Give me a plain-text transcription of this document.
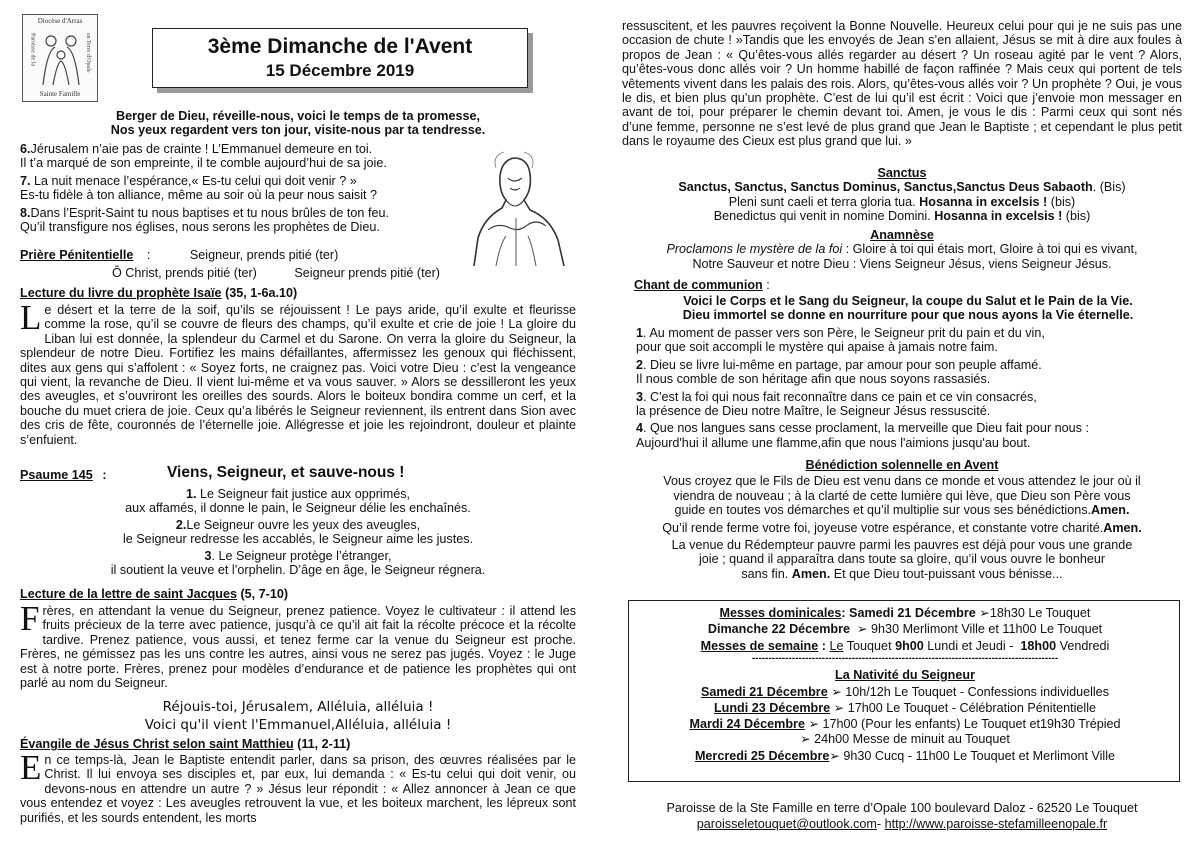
Diocèse d'Arras
Paroisse de la	en Terre d'Opale
Sainte Famille
3ème Dimanche de l'Avent
15 Décembre 2019
Berger de Dieu, réveille-nous, voici le temps de ta promesse,
Nos yeux regardent vers ton jour, visite-nous par ta tendresse.
6.Jérusalem n’aie pas de crainte ! L’Emmanuel demeure en toi.
Il t’a marqué de son empreinte, il te comble aujourd’hui de sa joie.
7. La nuit menace l’espérance,« Es-tu celui qui doit venir ? »
Es-tu fidèle à ton alliance, même au soir où la peur nous saisit ?
8.Dans l’Esprit-Saint tu nous baptises et tu nous brûles de ton feu.
Qu’il transfigure nos églises, nous serons les prophètes de Dieu.
Prière Pénitentielle :	Seigneur, prends pitié (ter)
Ô Christ, prends pitié (ter)	Seigneur prends pitié (ter)
Lecture du livre du prophète Isaïe (35, 1-6a.10)
Le désert et la terre de la soif, qu’ils se réjouissent ! Le pays aride, qu’il exulte et fleurisse comme la rose, qu’il se couvre de fleurs des champs, qu’il exulte et crie de joie ! La gloire du Liban lui est donnée, la splendeur du Carmel et du Sarone. On verra la gloire du Seigneur, la splendeur de notre Dieu. Fortifiez les mains défaillantes, affermissez les genoux qui fléchissent, dites aux gens qui s’affolent : « Soyez forts, ne craignez pas. Voici votre Dieu : c’est la vengeance qui vient, la revanche de Dieu. Il vient lui-même et va vous sauver. » Alors se dessilleront les yeux des aveugles, et s’ouvriront les oreilles des sourds. Alors le boiteux bondira comme un cerf, et la bouche du muet criera de joie. Ceux qu’a libérés le Seigneur reviennent, ils entrent dans Sion avec des cris de fête, couronnés de l’éternelle joie. Allégresse et joie les rejoindront, douleur et plainte s’enfuient.
Psaume 145 :	Viens, Seigneur, et sauve-nous !
1. Le Seigneur fait justice aux opprimés,
aux affamés, il donne le pain, le Seigneur délie les enchaînés.
2.Le Seigneur ouvre les yeux des aveugles,
le Seigneur redresse les accablés, le Seigneur aime les justes.
3. Le Seigneur protège l’étranger,
il soutient la veuve et l’orphelin. D’âge en âge, le Seigneur régnera.
Lecture de la lettre de saint Jacques (5, 7-10)
Frères, en attendant la venue du Seigneur, prenez patience. Voyez le cultivateur : il attend les fruits précieux de la terre avec patience, jusqu’à ce qu’il ait fait la récolte précoce et la récolte tardive. Prenez patience, vous aussi, et tenez ferme car la venue du Seigneur est proche. Frères, ne gémissez pas les uns contre les autres, ainsi vous ne serez pas jugés. Voyez : le Juge est à notre porte. Frères, prenez pour modèles d’endurance et de patience les prophètes qui ont parlé au nom du Seigneur.
Réjouis-toi, Jérusalem, Alléluia, alléluia !
Voici qu'il vient l'Emmanuel,Alléluia, alléluia !
Évangile de Jésus Christ selon saint Matthieu (11, 2-11)
En ce temps-là, Jean le Baptiste entendit parler, dans sa prison, des œuvres réalisées par le Christ. Il lui envoya ses disciples et, par eux, lui demanda : « Es-tu celui qui doit venir, ou devons-nous en attendre un autre ? » Jésus leur répondit : « Allez annoncer à Jean ce que vous entendez et voyez : Les aveugles retrouvent la vue, et les boiteux marchent, les lépreux sont purifiés, et les sourds entendent, les morts
ressuscitent, et les pauvres reçoivent la Bonne Nouvelle. Heureux celui pour qui je ne suis pas une occasion de chute ! »Tandis que les envoyés de Jean s’en allaient, Jésus se mit à dire aux foules à propos de Jean : « Qu’êtes-vous allés regarder au désert ? Un roseau agité par le vent ? Alors, qu’êtes-vous donc allés voir ? Un homme habillé de façon raffinée ? Mais ceux qui portent de tels vêtements vivent dans les palais des rois. Alors, qu’êtes-vous allés voir ? Un prophète ? Oui, je vous le dis, et bien plus qu’un prophète. C’est de lui qu’il est écrit : Voici que j’envoie mon messager en avant de toi, pour préparer le chemin devant toi. Amen, je vous le dis : Parmi ceux qui sont nés d’une femme, personne ne s’est levé de plus grand que Jean le Baptiste ; et cependant le plus petit dans le royaume des Cieux est plus grand que lui. »
Sanctus
Sanctus, Sanctus, Sanctus Dominus, Sanctus,Sanctus Deus Sabaoth. (Bis)
Pleni sunt caeli et terra gloria tua. Hosanna in excelsis ! (bis)
Benedictus qui venit in nomine Domini. Hosanna in excelsis ! (bis)
Anamnèse
Proclamons le mystère de la foi : Gloire à toi qui étais mort, Gloire à toi qui es vivant,
Notre Sauveur et notre Dieu : Viens Seigneur Jésus, viens Seigneur Jésus.
Chant de communion :
Voici le Corps et le Sang du Seigneur, la coupe du Salut et le Pain de la Vie.
Dieu immortel se donne en nourriture pour que nous ayons la Vie éternelle.
1. Au moment de passer vers son Père, le Seigneur prit du pain et du vin,
pour que soit accompli le mystère qui apaise à jamais notre faim.
2. Dieu se livre lui-même en partage, par amour pour son peuple affamé.
Il nous comble de son héritage afin que nous soyons rassasiés.
3. C'est la foi qui nous fait reconnaître dans ce pain et ce vin consacrés,
la présence de Dieu notre Maître, le Seigneur Jésus ressuscité.
4. Que nos langues sans cesse proclament, la merveille que Dieu fait pour nous :
Aujourd'hui il allume une flamme,afin que nous l'aimions jusqu'au bout.
Bénédiction solennelle en Avent
Vous croyez que le Fils de Dieu est venu dans ce monde et vous attendez le jour où il
viendra de nouveau ; à la clarté de cette lumière qui lève, que Dieu son Père vous
guide en toutes vos démarches et qu’il multiplie sur vous ses bénédictions.Amen.
Qu’il rende ferme votre foi, joyeuse votre espérance, et constante votre charité.Amen.
La venue du Rédempteur pauvre parmi les pauvres est déjà pour vous une grande
joie ; quand il apparaîtra dans toute sa gloire, qu’il vous ouvre le bonheur
sans fin. Amen. Et que Dieu tout-puissant vous bénisse...
Messes dominicales: Samedi 21 Décembre ➢18h30 Le Touquet
Dimanche 22 Décembre ➢ 9h30 Merlimont Ville et 11h00 Le Touquet
Messes de semaine : Le Touquet 9h00 Lundi et Jeudi - 18h00 Vendredi
--------------------------------------------------------------------------------------------
La Nativité du Seigneur
Samedi 21 Décembre ➢ 10h/12h Le Touquet - Confessions individuelles
Lundi 23 Décembre ➢ 17h00 Le Touquet - Célébration Pénitentielle
Mardi 24 Décembre ➢ 17h00 (Pour les enfants) Le Touquet et19h30 Trépied
➢ 24h00 Messe de minuit au Touquet
Mercredi 25 Décembre➢ 9h30 Cucq - 11h00 Le Touquet et Merlimont Ville
Paroisse de la Ste Famille en terre d’Opale 100 boulevard Daloz - 62520 Le Touquet
paroisseletouquet@outlook.com- http://www.paroisse-stefamilleenopale.fr
